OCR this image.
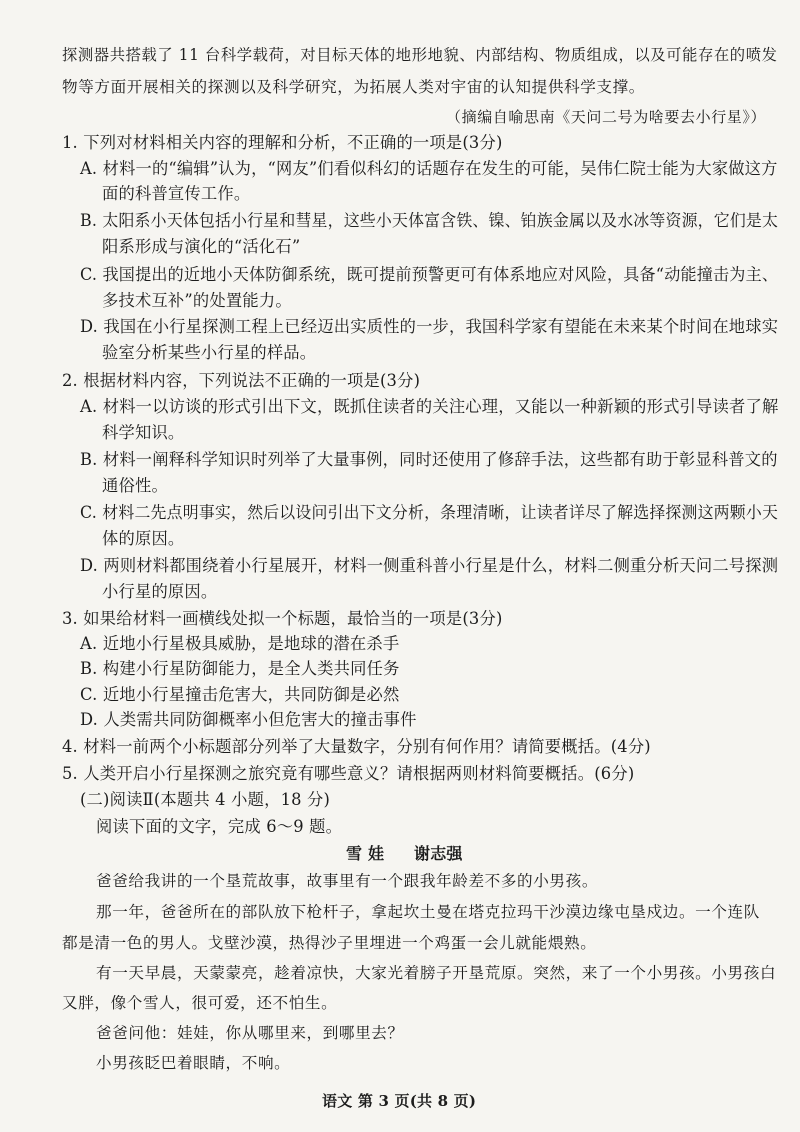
探测器共搭载了 11 台科学载荷，对目标天体的地形地貌、内部结构、物质组成，以及可能存在的喷发

物等方面开展相关的探测以及科学研究，为拓展人类对宇宙的认知提供科学支撑。

（摘编自喻思南《天问二号为啥要去小行星》）

1. 下列对材料相关内容的理解和分析，不正确的一项是(3分)

A. 材料一的“编辑”认为，“网友”们看似科幻的话题存在发生的可能，吴伟仁院士能为大家做这方

面的科普宣传工作。

B. 太阳系小天体包括小行星和彗星，这些小天体富含铁、镍、铂族金属以及水冰等资源，它们是太

阳系形成与演化的“活化石”

C. 我国提出的近地小天体防御系统，既可提前预警更可有体系地应对风险，具备“动能撞击为主、

多技术互补”的处置能力。

D. 我国在小行星探测工程上已经迈出实质性的一步，我国科学家有望能在未来某个时间在地球实

验室分析某些小行星的样品。

2. 根据材料内容，下列说法不正确的一项是(3分)

A. 材料一以访谈的形式引出下文，既抓住读者的关注心理，又能以一种新颖的形式引导读者了解

科学知识。

B. 材料一阐释科学知识时列举了大量事例，同时还使用了修辞手法，这些都有助于彰显科普文的

通俗性。

C. 材料二先点明事实，然后以设问引出下文分析，条理清晰，让读者详尽了解选择探测这两颗小天

体的原因。

D. 两则材料都围绕着小行星展开，材料一侧重科普小行星是什么，材料二侧重分析天问二号探测

小行星的原因。

3. 如果给材料一画横线处拟一个标题，最恰当的一项是(3分)

A. 近地小行星极具威胁，是地球的潜在杀手

B. 构建小行星防御能力，是全人类共同任务

C. 近地小行星撞击危害大，共同防御是必然

D. 人类需共同防御概率小但危害大的撞击事件

4. 材料一前两个小标题部分列举了大量数字，分别有何作用？请简要概括。(4分)

5. 人类开启小行星探测之旅究竟有哪些意义？请根据两则材料简要概括。(6分)

(二)阅读Ⅱ(本题共 4 小题，18 分)

阅读下面的文字，完成 6～9 题。

雪 娃 谢志强

爸爸给我讲的一个垦荒故事，故事里有一个跟我年龄差不多的小男孩。

那一年，爸爸所在的部队放下枪杆子，拿起坎土曼在塔克拉玛干沙漠边缘屯垦戍边。一个连队

都是清一色的男人。戈壁沙漠，热得沙子里埋进一个鸡蛋一会儿就能煨熟。

有一天早晨，天蒙蒙亮，趁着凉快，大家光着膀子开垦荒原。突然，来了一个小男孩。小男孩白

又胖，像个雪人，很可爱，还不怕生。

爸爸问他：娃娃，你从哪里来，到哪里去？

小男孩眨巴着眼睛，不响。

语文 第 3 页(共 8 页)
